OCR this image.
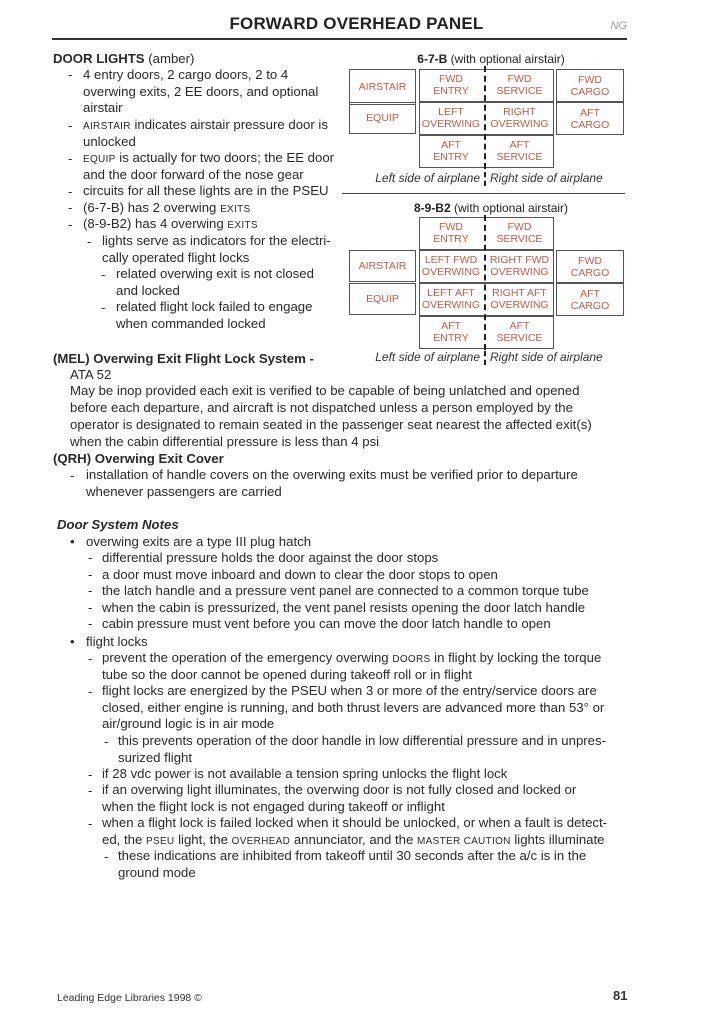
FORWARD OVERHEAD PANEL	NG
DOOR LIGHTS (amber)
- 4 entry doors, 2 cargo doors, 2 to 4
overwing exits, 2 EE doors, and optional
airstair
- AIRSTAIR indicates airstair pressure door is
unlocked
- EQUIP is actually for two doors; the EE door
and the door forward of the nose gear
- circuits for all these lights are in the PSEU
- (6-7-B) has 2 overwing EXITS
- (8-9-B2) has 4 overwing EXITS
- lights serve as indicators for the electri-
cally operated flight locks
- related overwing exit is not closed
and locked
- related flight lock failed to engage
when commanded locked
6-7-B (with optional airstair)
AIRSTAIR
EQUIP
FWD
ENTRY
FWD
SERVICE
FWD
CARGO
LEFT
OVERWING
RIGHT
OVERWING
AFT
CARGO
AFT
ENTRY
AFT
SERVICE
Left side of airplane Right side of airplane
8-9-B2 (with optional airstair)
FWD
ENTRY
FWD
SERVICE
AIRSTAIR
LEFT FWD
OVERWING
RIGHT FWD
OVERWING
FWD
CARGO
EQUIP
LEFT AFT
OVERWING
RIGHT AFT
OVERWING
AFT
CARGO
AFT
ENTRY
AFT
SERVICE
Left side of airplane Right side of airplane
(MEL) Overwing Exit Flight Lock System -
ATA 52
May be inop provided each exit is verified to be capable of being unlatched and opened
before each departure, and aircraft is not dispatched unless a person employed by the
operator is designated to remain seated in the passenger seat nearest the affected exit(s)
when the cabin differential pressure is less than 4 psi
(QRH) Overwing Exit Cover
- installation of handle covers on the overwing exits must be verified prior to departure
whenever passengers are carried
Door System Notes
• overwing exits are a type III plug hatch
- differential pressure holds the door against the door stops
- a door must move inboard and down to clear the door stops to open
- the latch handle and a pressure vent panel are connected to a common torque tube
- when the cabin is pressurized, the vent panel resists opening the door latch handle
- cabin pressure must vent before you can move the door latch handle to open
• flight locks
- prevent the operation of the emergency overwing DOORS in flight by locking the torque
tube so the door cannot be opened during takeoff roll or in flight
- flight locks are energized by the PSEU when 3 or more of the entry/service doors are
closed, either engine is running, and both thrust levers are advanced more than 53° or
air/ground logic is in air mode
- this prevents operation of the door handle in low differential pressure and in unpres-
surized flight
- if 28 vdc power is not available a tension spring unlocks the flight lock
- if an overwing light illuminates, the overwing door is not fully closed and locked or
when the flight lock is not engaged during takeoff or inflight
- when a flight lock is failed locked when it should be unlocked, or when a fault is detect-
ed, the PSEU light, the OVERHEAD annunciator, and the MASTER CAUTION lights illuminate
- these indications are inhibited from takeoff until 30 seconds after the a/c is in the
ground mode
Leading Edge Libraries 1998 ©	81
